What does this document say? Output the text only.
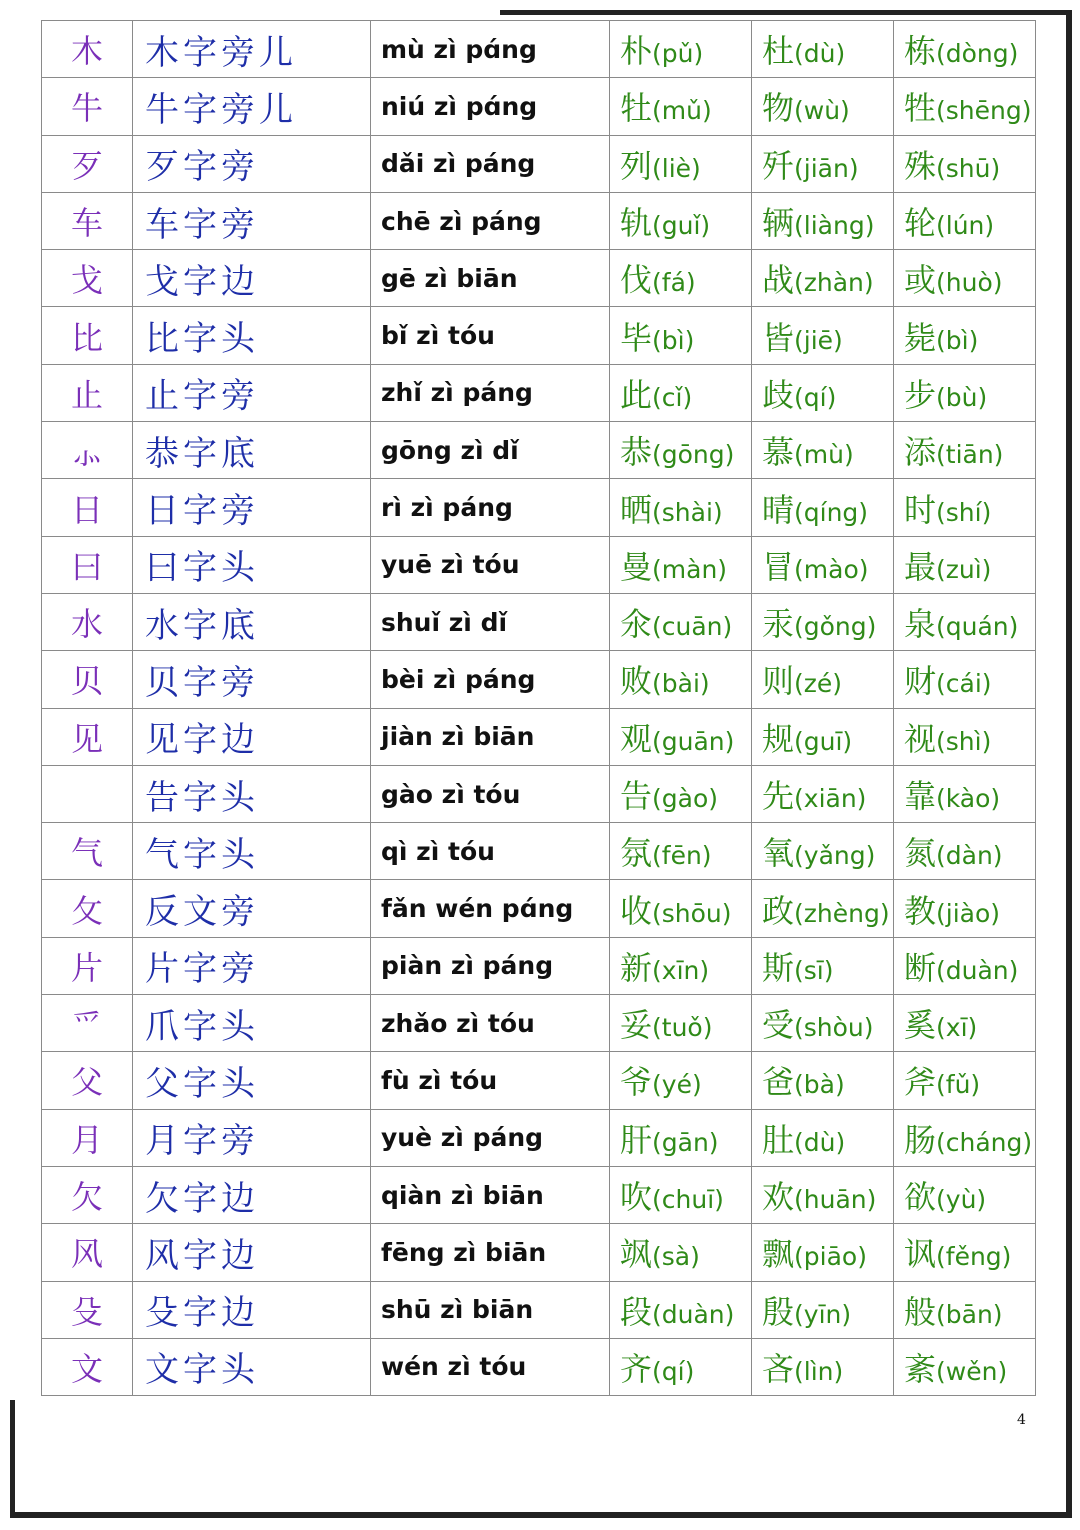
木	木字旁儿	mù zì pɑ́ng	朴(pǔ)	杜(dù)	栋(dòng)
牛	牛字旁儿	niú zì pɑ́ng	牡(mǔ)	物(wù)	牲(shēng)
歹	歹字旁	dǎi zì páng	列(liè)	歼(jiān)	殊(shū)
车	车字旁	chē zì páng	轨(guǐ)	辆(liàng)	轮(lún)
戈	戈字边	gē zì biān	伐(fá)	战(zhàn)	或(huò)
比	比字头	bǐ zì tóu	毕(bì)	皆(jiē)	毙(bì)
止	止字旁	zhǐ zì páng	此(cǐ)	歧(qí)	步(bù)
⺗	恭字底	gōng zì dǐ	恭(gōng)	慕(mù)	添(tiān)
日	日字旁	rì zì páng	晒(shài)	晴(qíng)	时(shí)
曰	曰字头	yuē zì tóu	曼(màn)	冒(mào)	最(zuì)
水	水字底	shuǐ zì dǐ	氽(cuān)	汞(gǒng)	泉(quán)
贝	贝字旁	bèi zì páng	败(bài)	则(zé)	财(cái)
见	见字边	jiàn zì biān	观(guān)	规(guī)	视(shì)
	告字头	gào zì tóu	告(gào)	先(xiān)	靠(kào)
气	气字头	qì zì tóu	氛(fēn)	氧(yǎng)	氮(dàn)
攵	反文旁	fǎn wén pɑ́ng	收(shōu)	政(zhèng)	教(jiào)
片	片字旁	piàn zì páng	新(xīn)	斯(sī)	断(duàn)
爫	爪字头	zhǎo zì tóu	妥(tuǒ)	受(shòu)	奚(xī)
父	父字头	fù zì tóu	爷(yé)	爸(bà)	斧(fǔ)
月	月字旁	yuè zì páng	肝(gān)	肚(dù)	肠(cháng)
欠	欠字边	qiàn zì biān	吹(chuī)	欢(huān)	欲(yù)
风	风字边	fēng zì biān	飒(sà)	飘(piāo)	讽(fěng)
殳	殳字边	shū zì biān	段(duàn)	殷(yīn)	般(bān)
文	文字头	wén zì tóu	齐(qí)	吝(lìn)	紊(wěn)
4
